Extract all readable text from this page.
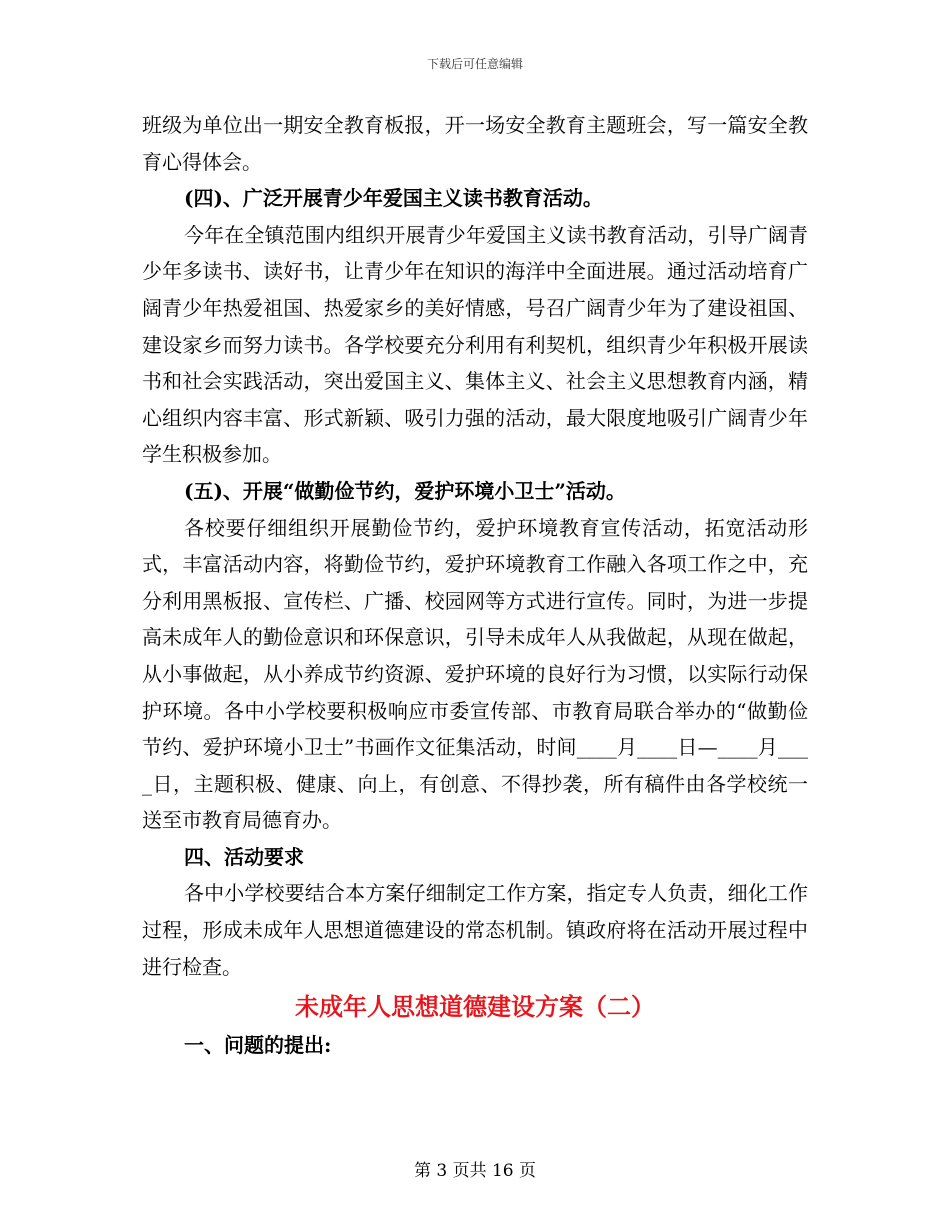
下载后可任意编辑

班级为单位出一期安全教育板报，开一场安全教育主题班会，写一篇安全教育心得体会。

(四)、广泛开展青少年爱国主义读书教育活动。

今年在全镇范围内组织开展青少年爱国主义读书教育活动，引导广阔青少年多读书、读好书，让青少年在知识的海洋中全面进展。通过活动培育广阔青少年热爱祖国、热爱家乡的美好情感，号召广阔青少年为了建设祖国、建设家乡而努力读书。各学校要充分利用有利契机，组织青少年积极开展读书和社会实践活动，突出爱国主义、集体主义、社会主义思想教育内涵，精心组织内容丰富、形式新颖、吸引力强的活动，最大限度地吸引广阔青少年学生积极参加。

(五)、开展“做勤俭节约，爱护环境小卫士”活动。

各校要仔细组织开展勤俭节约，爱护环境教育宣传活动，拓宽活动形式，丰富活动内容，将勤俭节约，爱护环境教育工作融入各项工作之中，充分利用黑板报、宣传栏、广播、校园网等方式进行宣传。同时，为进一步提高未成年人的勤俭意识和环保意识，引导未成年人从我做起，从现在做起，从小事做起，从小养成节约资源、爱护环境的良好行为习惯，以实际行动保护环境。各中小学校要积极响应市委宣传部、市教育局联合举办的“做勤俭节约、爱护环境小卫士”书画作文征集活动，时间____月____日—____月____日，主题积极、健康、向上，有创意、不得抄袭，所有稿件由各学校统一送至市教育局德育办。

四、活动要求

各中小学校要结合本方案仔细制定工作方案，指定专人负责，细化工作过程，形成未成年人思想道德建设的常态机制。镇政府将在活动开展过程中进行检查。

未成年人思想道德建设方案（二）

一、问题的提出:

第 3 页共 16 页
